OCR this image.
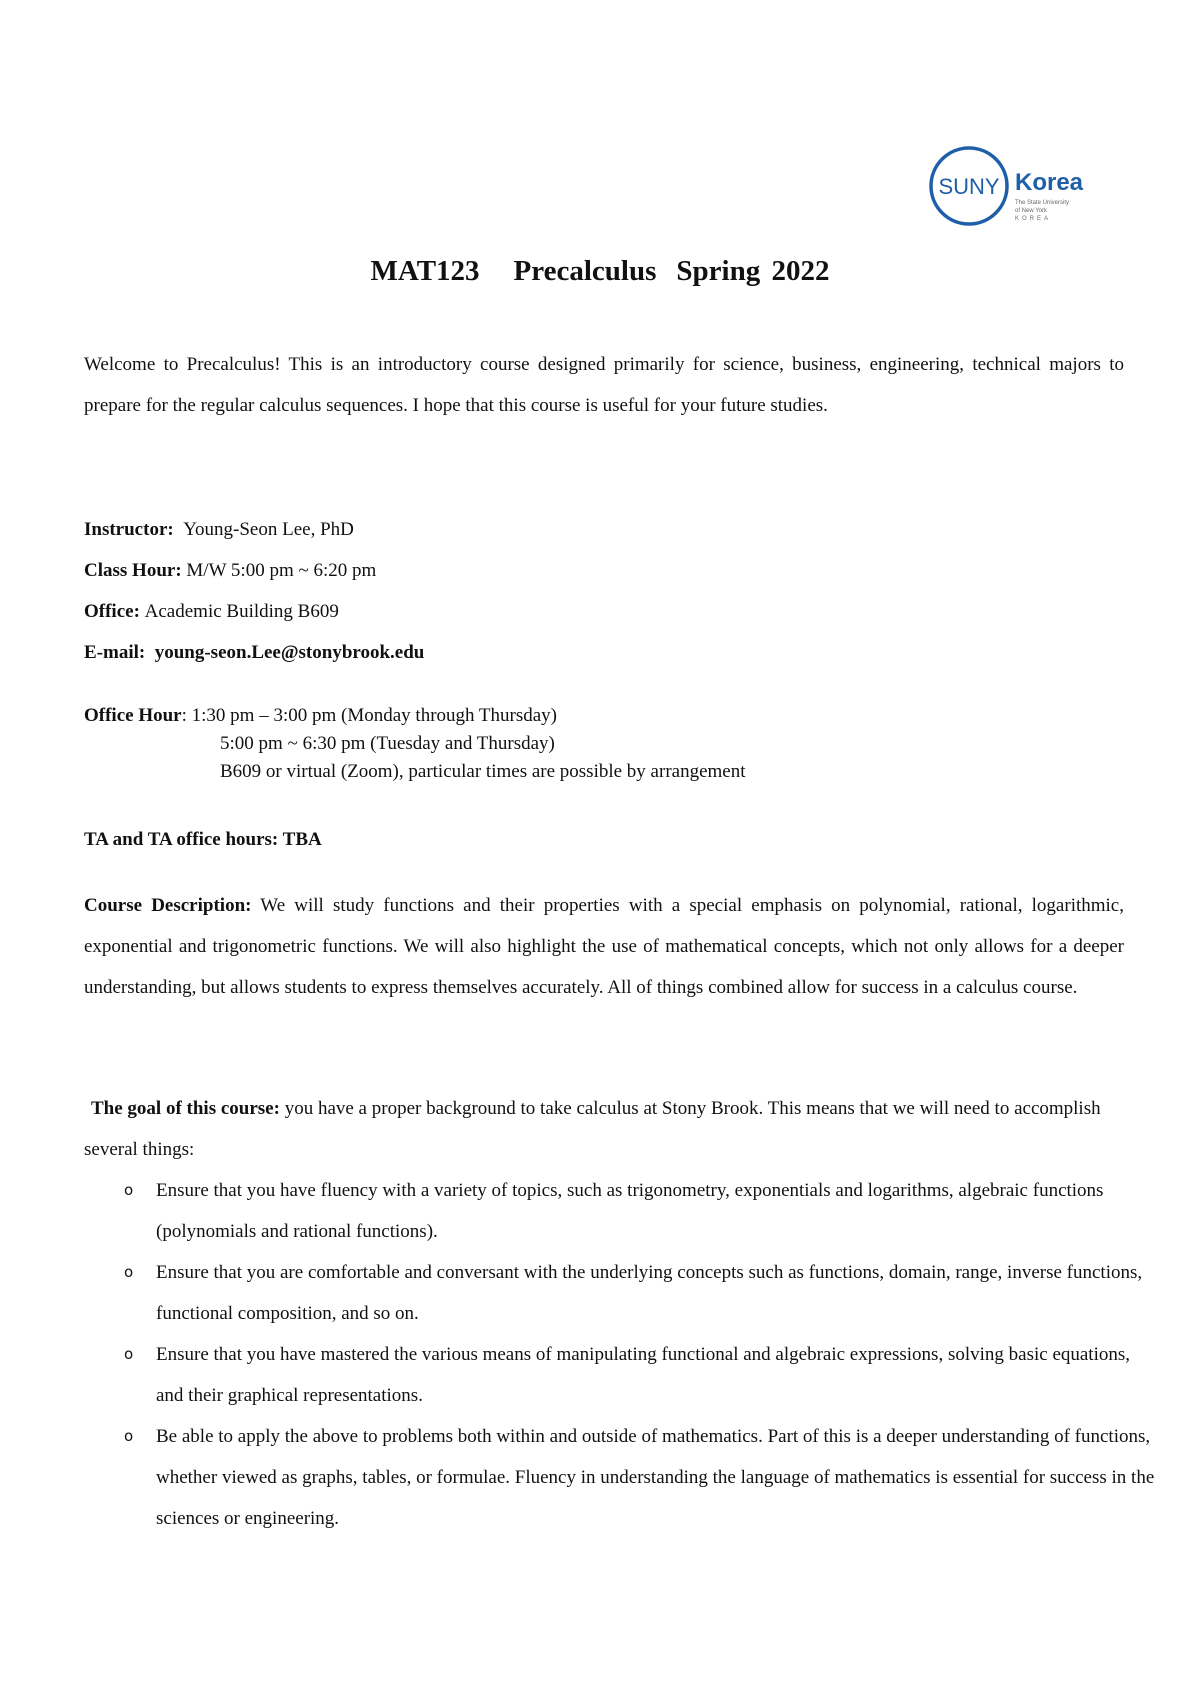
SUNY Korea
The State University
of New York
KOREA
MAT123 Precalculus Spring 2022
Welcome to Precalculus! This is an introductory course designed primarily for science, business, engineering, technical majors to prepare for the regular calculus sequences. I hope that this course is useful for your future studies.
Instructor: Young-Seon Lee, PhD
Class Hour: M/W 5:00 pm ~ 6:20 pm
Office: Academic Building B609
E-mail: young-seon.Lee@stonybrook.edu
Office Hour: 1:30 pm – 3:00 pm (Monday through Thursday)
5:00 pm ~ 6:30 pm (Tuesday and Thursday)
B609 or virtual (Zoom), particular times are possible by arrangement
TA and TA office hours: TBA
Course Description: We will study functions and their properties with a special emphasis on polynomial, rational, logarithmic, exponential and trigonometric functions. We will also highlight the use of mathematical concepts, which not only allows for a deeper understanding, but allows students to express themselves accurately. All of things combined allow for success in a calculus course.
The goal of this course: you have a proper background to take calculus at Stony Brook. This means that we will need to accomplish several things:
o Ensure that you have fluency with a variety of topics, such as trigonometry, exponentials and logarithms, algebraic functions (polynomials and rational functions).
o Ensure that you are comfortable and conversant with the underlying concepts such as functions, domain, range, inverse functions, functional composition, and so on.
o Ensure that you have mastered the various means of manipulating functional and algebraic expressions, solving basic equations, and their graphical representations.
o Be able to apply the above to problems both within and outside of mathematics. Part of this is a deeper understanding of functions, whether viewed as graphs, tables, or formulae. Fluency in understanding the language of mathematics is essential for success in the sciences or engineering.
